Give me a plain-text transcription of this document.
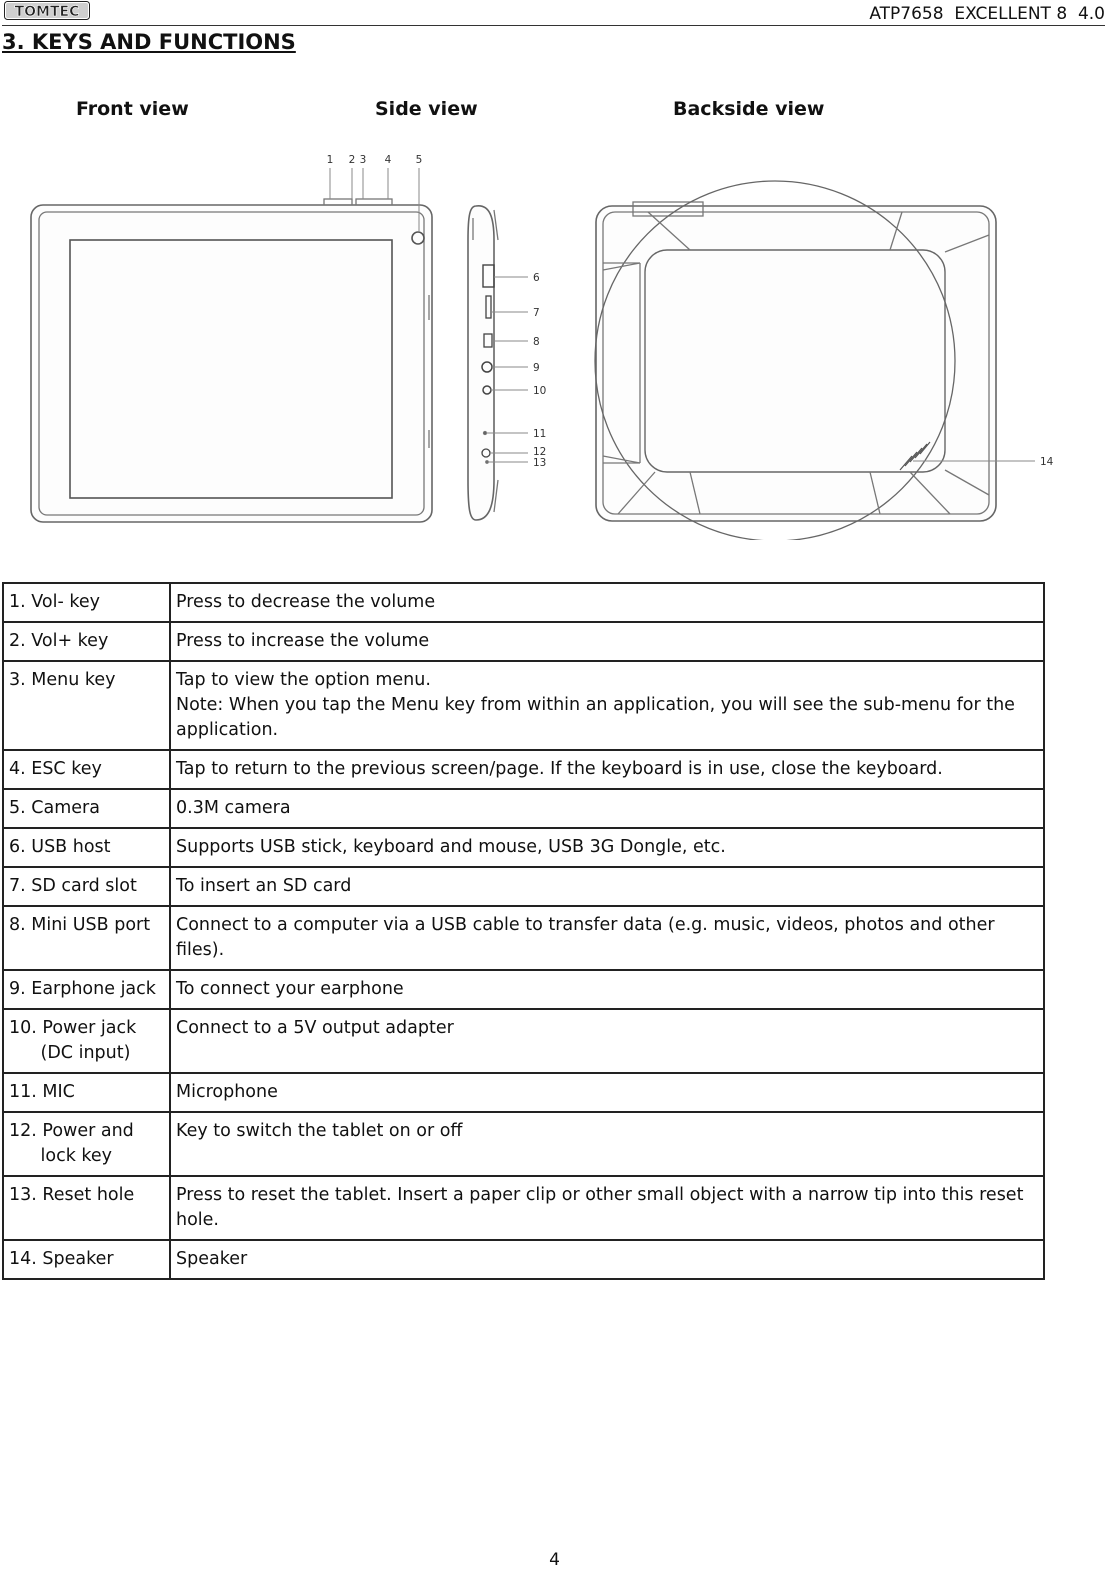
TOMTEC	ATP7658  EXCELLENT 8  4.0
3. KEYS AND FUNCTIONS
Front view	Side view	Backside view
1 2 3 4 5
6
7
8
9
10
11
12
13	14
1. Vol- key	Press to decrease the volume

2. Vol+ key	Press to increase the volume

3. Menu key	Tap to view the option menu.
Note: When you tap the Menu key from within an application, you will see the sub-menu for the application.

4. ESC key	Tap to return to the previous screen/page. If the keyboard is in use, close the keyboard.

5. Camera	0.3M camera

6. USB host	Supports USB stick, keyboard and mouse, USB 3G Dongle, etc.

7. SD card slot	To insert an SD card

8. Mini USB port	Connect to a computer via a USB cable to transfer data (e.g. music, videos, photos and other files).

9. Earphone jack	To connect your earphone

10. Power jack (DC input)	Connect to a 5V output adapter

11. MIC	Microphone

12. Power and lock key	Key to switch the tablet on or off

13. Reset hole	Press to reset the tablet. Insert a paper clip or other small object with a narrow tip into this reset hole.

14. Speaker	Speaker
4
